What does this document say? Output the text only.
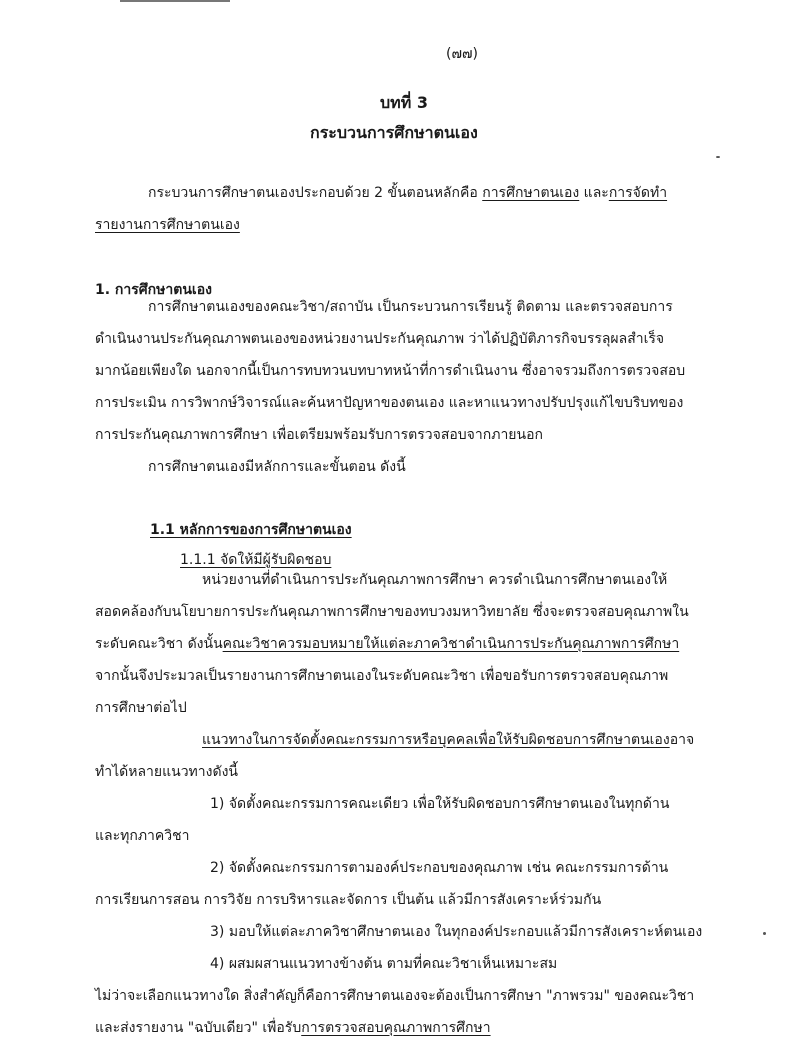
(๗๗)
บทที่ 3
กระบวนการศึกษาตนเอง
กระบวนการศึกษาตนเองประกอบด้วย 2 ขั้นตอนหลักคือ การศึกษาตนเอง และการจัดทำ
รายงานการศึกษาตนเอง
1. การศึกษาตนเอง
การศึกษาตนเองของคณะวิชา/สถาบัน เป็นกระบวนการเรียนรู้ ติดตาม และตรวจสอบการ
ดำเนินงานประกันคุณภาพตนเองของหน่วยงานประกันคุณภาพ ว่าได้ปฏิบัติภารกิจบรรลุผลสำเร็จ
มากน้อยเพียงใด นอกจากนี้เป็นการทบทวนบทบาทหน้าที่การดำเนินงาน ซึ่งอาจรวมถึงการตรวจสอบ
การประเมิน การวิพากษ์วิจารณ์และค้นหาปัญหาของตนเอง และหาแนวทางปรับปรุงแก้ไขบริบทของ
การประกันคุณภาพการศึกษา เพื่อเตรียมพร้อมรับการตรวจสอบจากภายนอก
การศึกษาตนเองมีหลักการและขั้นตอน ดังนี้
1.1 หลักการของการศึกษาตนเอง
1.1.1 จัดให้มีผู้รับผิดชอบ
หน่วยงานที่ดำเนินการประกันคุณภาพการศึกษา ควรดำเนินการศึกษาตนเองให้
สอดคล้องกับนโยบายการประกันคุณภาพการศึกษาของทบวงมหาวิทยาลัย ซึ่งจะตรวจสอบคุณภาพใน
ระดับคณะวิชา ดังนั้นคณะวิชาควรมอบหมายให้แต่ละภาควิชาดำเนินการประกันคุณภาพการศึกษา
จากนั้นจึงประมวลเป็นรายงานการศึกษาตนเองในระดับคณะวิชา เพื่อขอรับการตรวจสอบคุณภาพ
การศึกษาต่อไป
แนวทางในการจัดตั้งคณะกรรมการหรือบุคคลเพื่อให้รับผิดชอบการศึกษาตนเองอาจ
ทำได้หลายแนวทางดังนี้
1) จัดตั้งคณะกรรมการคณะเดียว เพื่อให้รับผิดชอบการศึกษาตนเองในทุกด้าน
และทุกภาควิชา
2) จัดตั้งคณะกรรมการตามองค์ประกอบของคุณภาพ เช่น คณะกรรมการด้าน
การเรียนการสอน การวิจัย การบริหารและจัดการ เป็นต้น แล้วมีการสังเคราะห์ร่วมกัน
3) มอบให้แต่ละภาควิชาศึกษาตนเอง ในทุกองค์ประกอบแล้วมีการสังเคราะห์ตนเอง
4) ผสมผสานแนวทางข้างต้น ตามที่คณะวิชาเห็นเหมาะสม
ไม่ว่าจะเลือกแนวทางใด สิ่งสำคัญก็คือการศึกษาตนเองจะต้องเป็นการศึกษา "ภาพรวม" ของคณะวิชา
และส่งรายงาน "ฉบับเดียว" เพื่อรับการตรวจสอบคุณภาพการศึกษา
